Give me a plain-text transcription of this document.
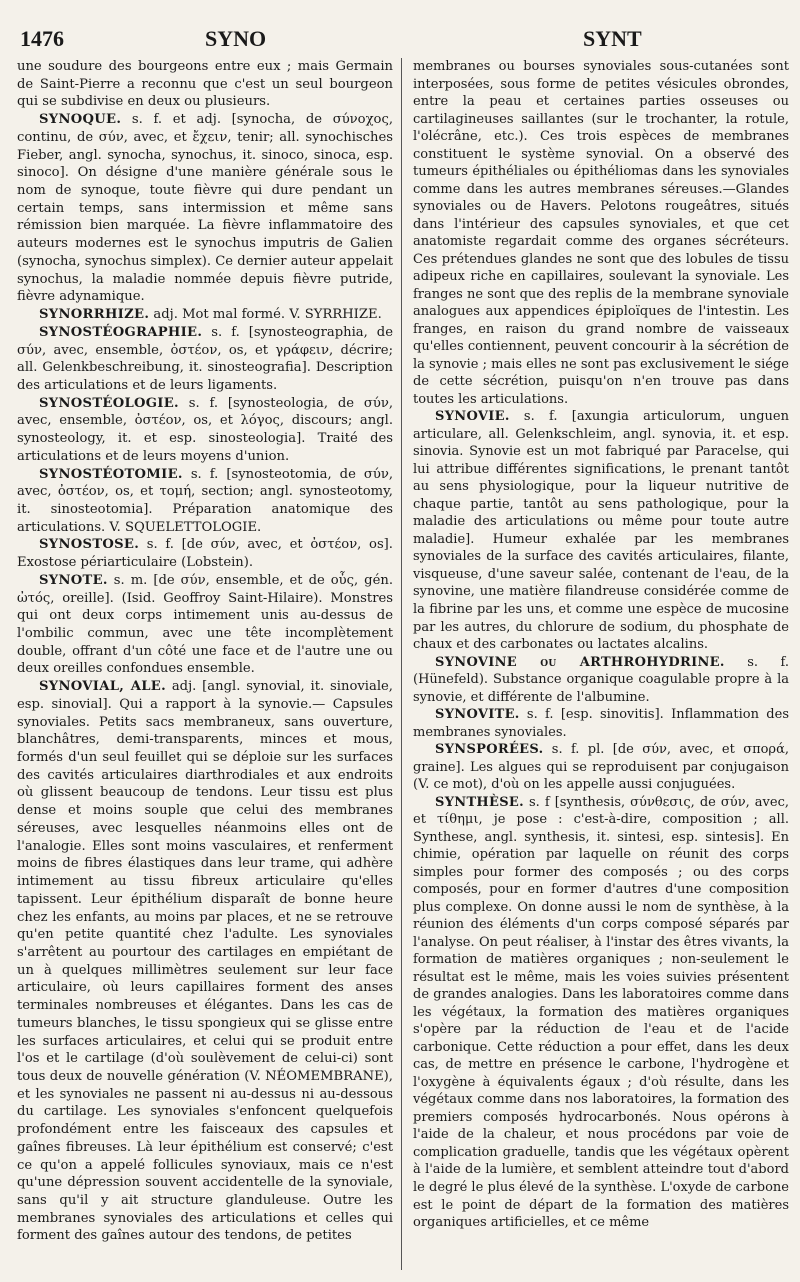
1476	SYNO	SYNT

une soudure des bourgeons entre eux ; mais Germain de Saint-Pierre a reconnu que c'est un seul bourgeon qui se subdivise en deux ou plusieurs.

SYNOQUE. s. f. et adj. [synocha, de σύνοχος, continu, de σύν, avec, et ἔχειν, tenir; all. synochisches Fieber, angl. synocha, synochus, it. sinoco, sinoca, esp. sinoco]. On désigne d'une manière générale sous le nom de synoque, toute fièvre qui dure pendant un certain temps, sans intermission et même sans rémission bien marquée. La fièvre inflammatoire des auteurs modernes est le synochus imputris de Galien (synocha, synochus simplex). Ce dernier auteur appelait synochus, la maladie nommée depuis fièvre putride, fièvre adynamique.

SYNORRHIZE. adj. Mot mal formé. V. SYRRHIZE.

SYNOSTÉOGRAPHIE. s. f. [synosteographia, de σύν, avec, ensemble, ὀστέον, os, et γράφειν, décrire; all. Gelenkbeschreibung, it. sinosteografia]. Description des articulations et de leurs ligaments.

SYNOSTÉOLOGIE. s. f. [synosteologia, de σύν, avec, ensemble, ὀστέον, os, et λόγος, discours; angl. synosteology, it. et esp. sinosteologia]. Traité des articulations et de leurs moyens d'union.

SYNOSTÉOTOMIE. s. f. [synosteotomia, de σύν, avec, ὀστέον, os, et τομή, section; angl. synosteotomy, it. sinosteotomia]. Préparation anatomique des articulations. V. SQUELETTOLOGIE.

SYNOSTOSE. s. f. [de σύν, avec, et ὀστέον, os]. Exostose périarticulaire (Lobstein).

SYNOTE. s. m. [de σύν, ensemble, et de οὖς, gén. ὠτός, oreille]. (Isid. Geoffroy Saint-Hilaire). Monstres qui ont deux corps intimement unis au-dessus de l'ombilic commun, avec une tête incomplètement double, offrant d'un côté une face et de l'autre une ou deux oreilles confondues ensemble.

SYNOVIAL, ALE. adj. [angl. synovial, it. sinoviale, esp. sinovial]. Qui a rapport à la synovie.— Capsules synoviales. Petits sacs membraneux, sans ouverture, blanchâtres, demi-transparents, minces et mous, formés d'un seul feuillet qui se déploie sur les surfaces des cavités articulaires diarthrodiales et aux endroits où glissent beaucoup de tendons. Leur tissu est plus dense et moins souple que celui des membranes séreuses, avec lesquelles néanmoins elles ont de l'analogie. Elles sont moins vasculaires, et renferment moins de fibres élastiques dans leur trame, qui adhère intimement au tissu fibreux articulaire qu'elles tapissent. Leur épithélium disparaît de bonne heure chez les enfants, au moins par places, et ne se retrouve qu'en petite quantité chez l'adulte. Les synoviales s'arrêtent au pourtour des cartilages en empiétant de un à quelques millimètres seulement sur leur face articulaire, où leurs capillaires forment des anses terminales nombreuses et élégantes. Dans les cas de tumeurs blanches, le tissu spongieux qui se glisse entre les surfaces articulaires, et celui qui se produit entre l'os et le cartilage (d'où soulèvement de celui-ci) sont tous deux de nouvelle génération (V. NÉOMEMBRANE), et les synoviales ne passent ni au-dessus ni au-dessous du cartilage. Les synoviales s'enfoncent quelquefois profondément entre les faisceaux des capsules et gaînes fibreuses. Là leur épithélium est conservé; c'est ce qu'on a appelé follicules synoviaux, mais ce n'est qu'une dépression souvent accidentelle de la synoviale, sans qu'il y ait structure glanduleuse. Outre les membranes synoviales des articulations et celles qui forment des gaînes autour des tendons, de petites

membranes ou bourses synoviales sous-cutanées sont interposées, sous forme de petites vésicules obrondes, entre la peau et certaines parties osseuses ou cartilagineuses saillantes (sur le trochanter, la rotule, l'olécrâne, etc.). Ces trois espèces de membranes constituent le système synovial. On a observé des tumeurs épithéliales ou épithéliomas dans les synoviales comme dans les autres membranes séreuses.—Glandes synoviales ou de Havers. Pelotons rougeâtres, situés dans l'intérieur des capsules synoviales, et que cet anatomiste regardait comme des organes sécréteurs. Ces prétendues glandes ne sont que des lobules de tissu adipeux riche en capillaires, soulevant la synoviale. Les franges ne sont que des replis de la membrane synoviale analogues aux appendices épiploïques de l'intestin. Les franges, en raison du grand nombre de vaisseaux qu'elles contiennent, peuvent concourir à la sécrétion de la synovie ; mais elles ne sont pas exclusivement le siége de cette sécrétion, puisqu'on n'en trouve pas dans toutes les articulations.

SYNOVIE. s. f. [axungia articulorum, unguen articulare, all. Gelenkschleim, angl. synovia, it. et esp. sinovia. Synovie est un mot fabriqué par Paracelse, qui lui attribue différentes significations, le prenant tantôt au sens physiologique, pour la liqueur nutritive de chaque partie, tantôt au sens pathologique, pour la maladie des articulations ou même pour toute autre maladie]. Humeur exhalée par les membranes synoviales de la surface des cavités articulaires, filante, visqueuse, d'une saveur salée, contenant de l'eau, de la synovine, une matière filandreuse considérée comme de la fibrine par les uns, et comme une espèce de mucosine par les autres, du chlorure de sodium, du phosphate de chaux et des carbonates ou lactates alcalins.

SYNOVINE ou ARTHROHYDRINE. s. f. (Hünefeld). Substance organique coagulable propre à la synovie, et différente de l'albumine.

SYNOVITE. s. f. [esp. sinovitis]. Inflammation des membranes synoviales.

SYNSPORÉES. s. f. pl. [de σύν, avec, et σπορά, graine]. Les algues qui se reproduisent par conjugaison (V. ce mot), d'où on les appelle aussi conjuguées.

SYNTHÈSE. s. f [synthesis, σύνθεσις, de σύν, avec, et τίθημι, je pose : c'est-à-dire, composition ; all. Synthese, angl. synthesis, it. sintesi, esp. sintesis]. En chimie, opération par laquelle on réunit des corps simples pour former des composés ; ou des corps composés, pour en former d'autres d'une composition plus complexe. On donne aussi le nom de synthèse, à la réunion des éléments d'un corps composé séparés par l'analyse. On peut réaliser, à l'instar des êtres vivants, la formation de matières organiques ; non-seulement le résultat est le même, mais les voies suivies présentent de grandes analogies. Dans les laboratoires comme dans les végétaux, la formation des matières organiques s'opère par la réduction de l'eau et de l'acide carbonique. Cette réduction a pour effet, dans les deux cas, de mettre en présence le carbone, l'hydrogène et l'oxygène à équivalents égaux ; d'où résulte, dans les végétaux comme dans nos laboratoires, la formation des premiers composés hydrocarbonés. Nous opérons à l'aide de la chaleur, et nous procédons par voie de complication graduelle, tandis que les végétaux opèrent à l'aide de la lumière, et semblent atteindre tout d'abord le degré le plus élevé de la synthèse. L'oxyde de carbone est le point de départ de la formation des matières organiques artificielles, et ce même
